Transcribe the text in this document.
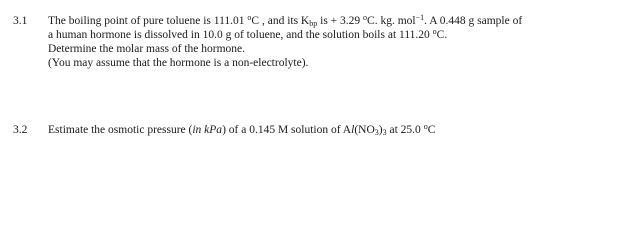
3.1 The boiling point of pure toluene is 111.01 $^o$C , and its $K_{bp}$ is + 3.29 $^o$C. kg. mol$^{-1}$. A 0.448 g sample of
a human hormone is dissolved in 10.0 g of toluene, and the solution boils at 111.20 $^o$C.
Determine the molar mass of the hormone.
(You may assume that the hormone is a non-electrolyte).
3.2 Estimate the osmotic pressure (in kPa) of a 0.145 M solution of $Al(NO_3)_3$ at 25.0 $^o$C
